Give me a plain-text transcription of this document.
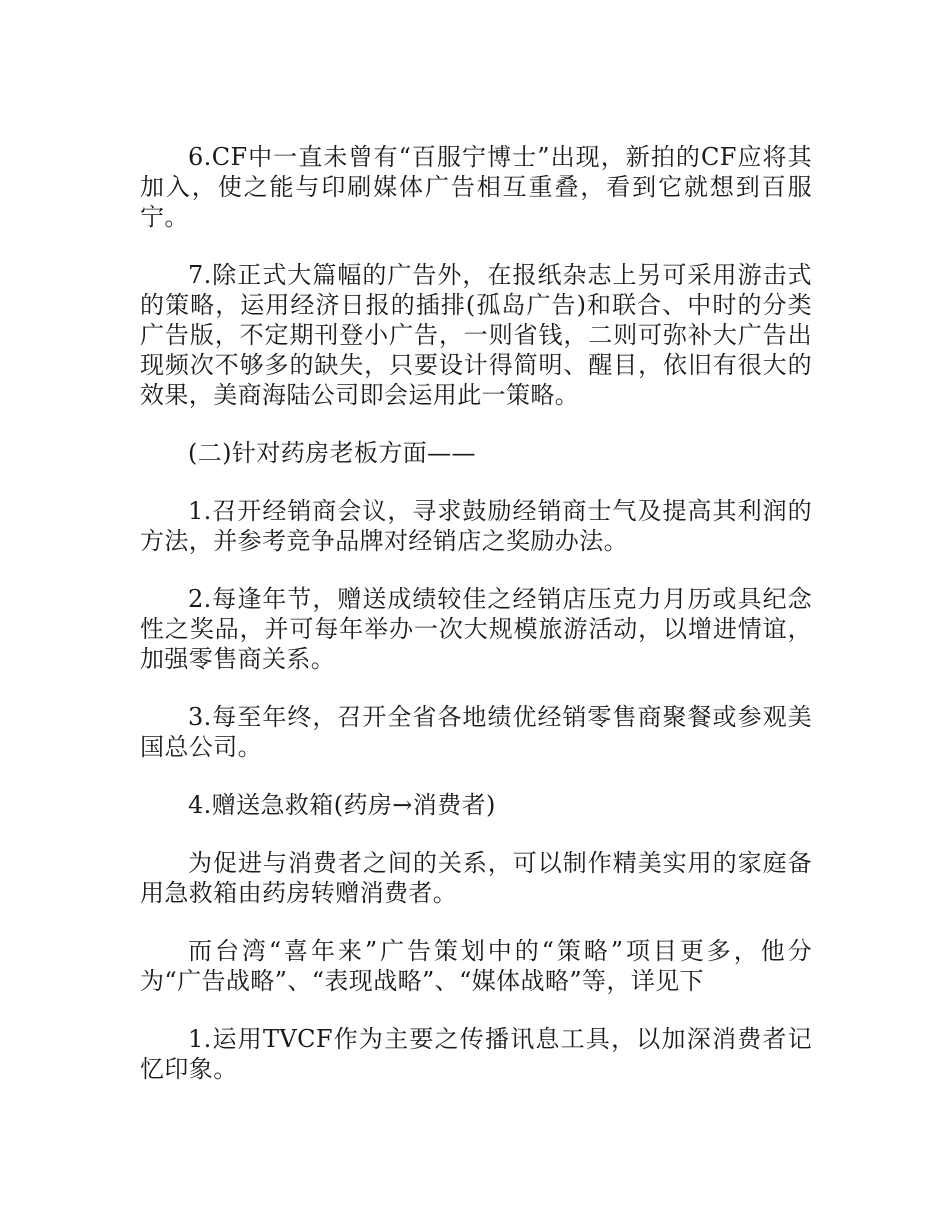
6.CF中一直未曾有“百服宁博士”出现，新拍的CF应将其加入，使之能与印刷媒体广告相互重叠，看到它就想到百服宁。

7.除正式大篇幅的广告外，在报纸杂志上另可采用游击式的策略，运用经济日报的插排(孤岛广告)和联合、中时的分类广告版，不定期刊登小广告，一则省钱，二则可弥补大广告出现频次不够多的缺失，只要设计得简明、醒目，依旧有很大的效果，美商海陆公司即会运用此一策略。

(二)针对药房老板方面——

1.召开经销商会议，寻求鼓励经销商士气及提高其利润的方法，并参考竞争品牌对经销店之奖励办法。

2.每逢年节，赠送成绩较佳之经销店压克力月历或具纪念性之奖品，并可每年举办一次大规模旅游活动，以增进情谊，加强零售商关系。

3.每至年终，召开全省各地绩优经销零售商聚餐或参观美国总公司。

4.赠送急救箱(药房→消费者)

为促进与消费者之间的关系，可以制作精美实用的家庭备用急救箱由药房转赠消费者。

而台湾“喜年来”广告策划中的“策略”项目更多，他分为“广告战略”、“表现战略”、“媒体战略”等，详见下

1.运用TVCF作为主要之传播讯息工具，以加深消费者记忆印象。
